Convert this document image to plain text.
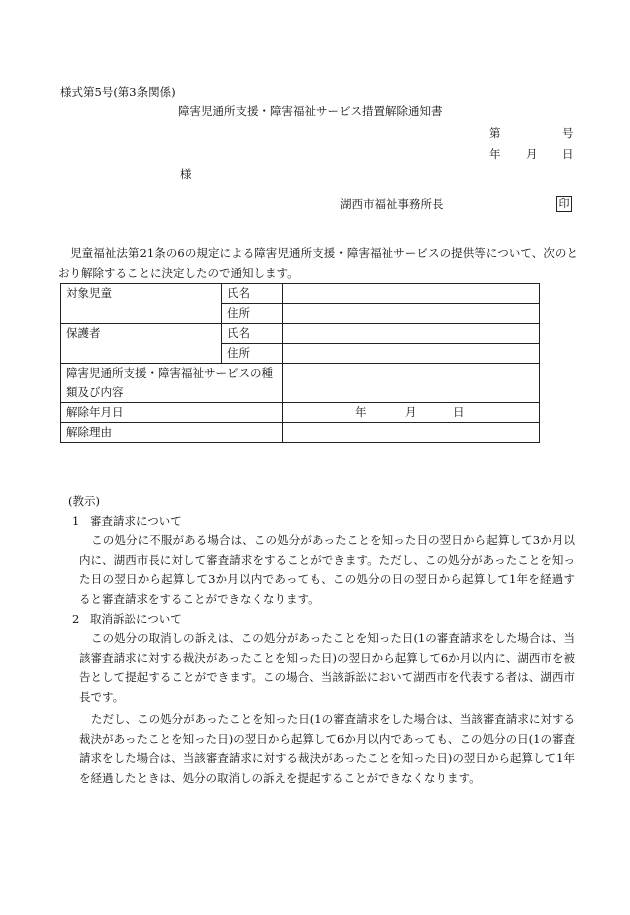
様式第5号(第3条関係)
障害児通所支援・障害福祉サービス措置解除通知書
第	号
年 月 日
様
湖西市福祉事務所長	印
児童福祉法第21条の6の規定による障害児通所支援・障害福祉サービスの提供等について、次のとおり解除することに決定したので通知します。
対象児童	氏名	
	住所	
保護者	氏名	
	住所	

障害児通所支援・障害福祉サービスの種
類及び内容		

解除年月日		年 月 日

解除理由		
(教示)
1 審査請求について
この処分に不服がある場合は、この処分があったことを知った日の翌日から起算して3か月以内に、湖西市長に対して審査請求をすることができます。ただし、この処分があったことを知った日の翌日から起算して3か月以内であっても、この処分の日の翌日から起算して1年を経過すると審査請求をすることができなくなります。
2 取消訴訟について
この処分の取消しの訴えは、この処分があったことを知った日(1の審査請求をした場合は、当該審査請求に対する裁決があったことを知った日)の翌日から起算して6か月以内に、湖西市を被告として提起することができます。この場合、当該訴訟において湖西市を代表する者は、湖西市長です。
ただし、この処分があったことを知った日(1の審査請求をした場合は、当該審査請求に対する裁決があったことを知った日)の翌日から起算して6か月以内であっても、この処分の日(1の審査請求をした場合は、当該審査請求に対する裁決があったことを知った日)の翌日から起算して1年を経過したときは、処分の取消しの訴えを提起することができなくなります。
